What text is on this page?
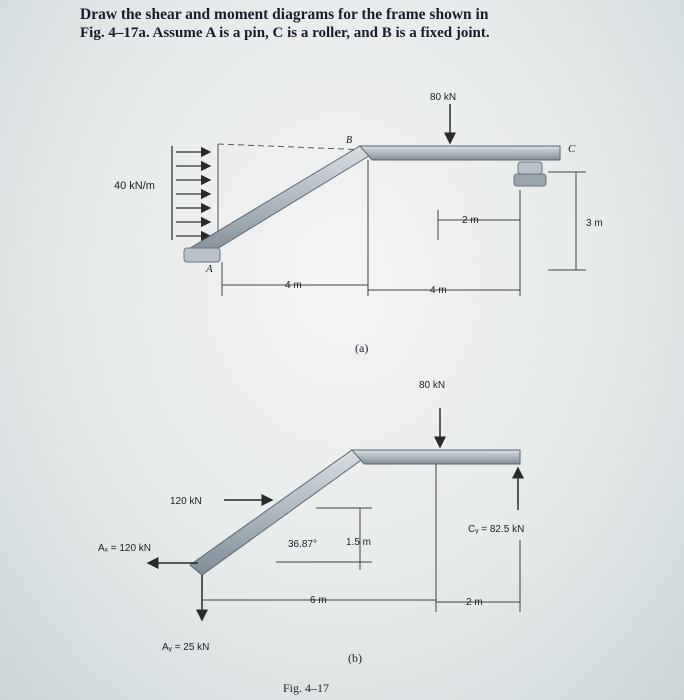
Draw the shear and moment diagrams for the frame shown in
Fig. 4–17a. Assume A is a pin, C is a roller, and B is a fixed joint.
40 kN/m
80 kN
B
C
A
4 m	4 m
2 m	3 m
(a)
80 kN
120 kN
Aₓ = 120 kN
Aᵧ = 25 kN
Cᵧ = 82.5 kN
36.87°	1.5 m
6 m	2 m
(b)
Fig. 4–17
